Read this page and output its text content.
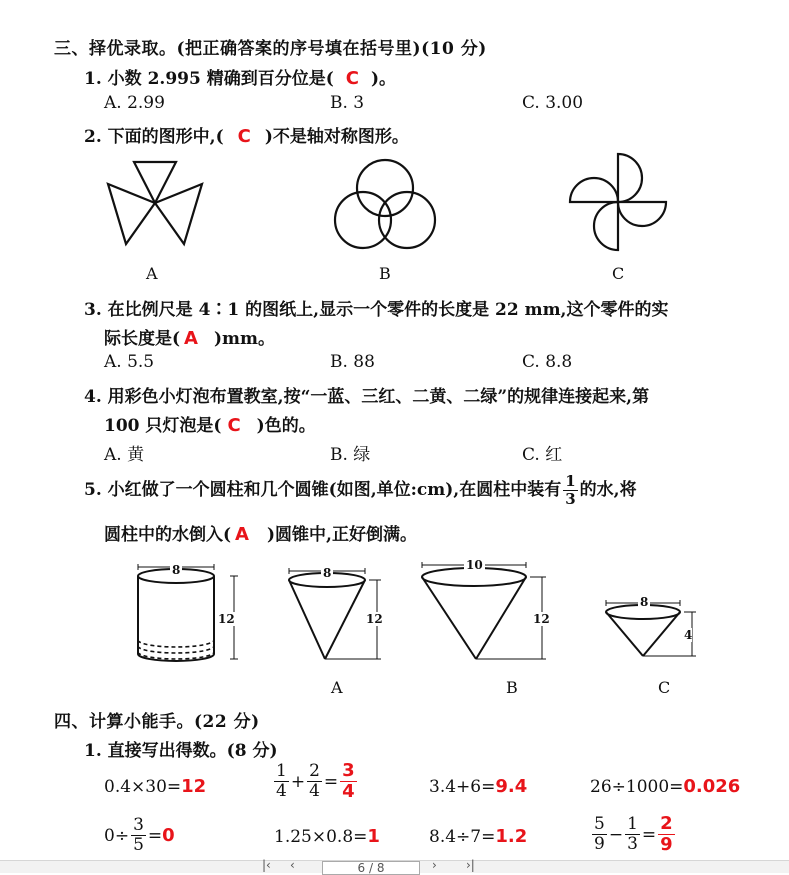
三、择优录取。(把正确答案的序号填在括号里)(10 分)
1. 小数 2.995 精确到百分位是( C )。
A. 2.99	B. 3	C. 3.00
2. 下面的图形中,( C )不是轴对称图形。
A	B	C
3. 在比例尺是 4∶1 的图纸上,显示一个零件的长度是 22 mm,这个零件的实
际长度是( A )mm。
A. 5.5	B. 88	C. 8.8
4. 用彩色小灯泡布置教室,按“一蓝、三红、二黄、二绿”的规律连接起来,第
100 只灯泡是( C )色的。
A. 黄	B. 绿	C. 红
5. 小红做了一个圆柱和几个圆锥(如图,单位:cm),在圆柱中装有 $\frac{1}{3}$ 的水,将
圆柱中的水倒入( A )圆锥中,正好倒满。
8
12
8
12
10
12
8
4
A	B	C
四、计算小能手。(22 分)
1. 直接写出得数。(8 分)
0.4×30=12	$\frac{1}{4} + \frac{2}{4} = \frac{3}{4}$	3.4+6=9.4	26÷1000=0.026
$0\div \frac{3}{5} = 0$	1.25×0.8=1	8.4÷7=1.2	$\frac{5}{9} - \frac{1}{3} = \frac{2}{9}$
|‹ ‹	6 / 8	› ›|
